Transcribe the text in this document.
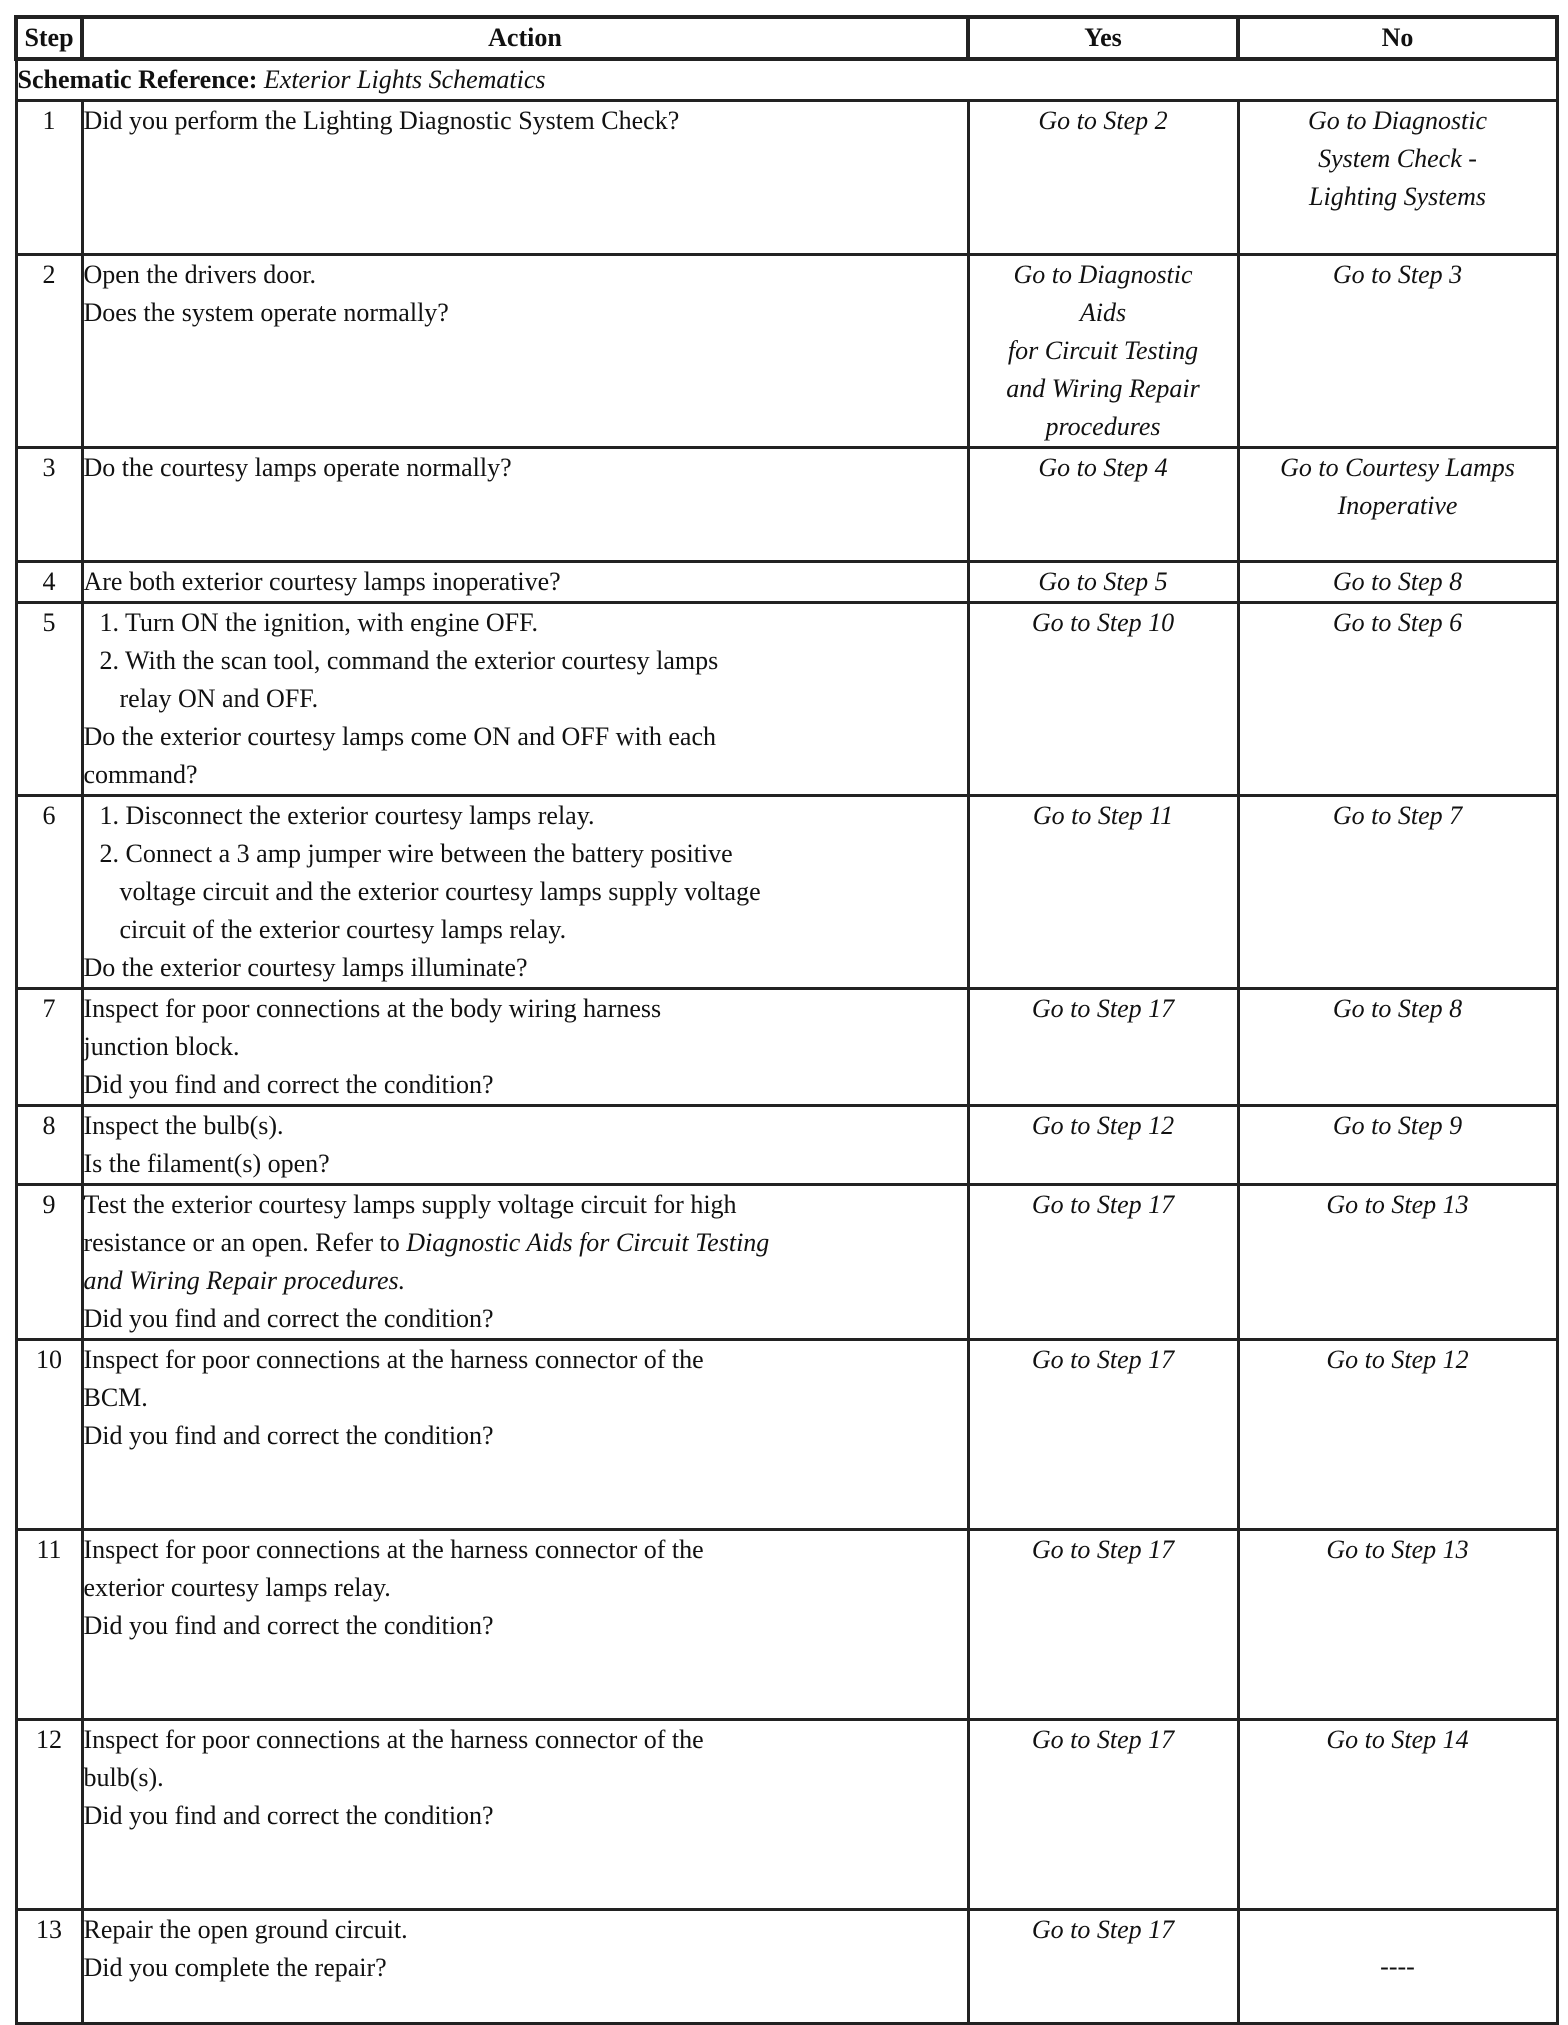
Step	Action	Yes	No
Schematic Reference: Exterior Lights Schematics			
1	Did you perform the Lighting Diagnostic System Check?	Go to Step 2	Go to Diagnostic
System Check -
Lighting Systems

2	Open the drivers door.
Does the system operate normally?	Go to Diagnostic
Aids
for Circuit Testing
and Wiring Repair
procedures	Go to Step 3

3	Do the courtesy lamps operate normally?	Go to Step 4	Go to Courtesy Lamps
Inoperative

4	Are both exterior courtesy lamps inoperative?	Go to Step 5	Go to Step 8

5	1. Turn ON the ignition, with engine OFF.
2. With the scan tool, command the exterior courtesy lamps
relay ON and OFF.
Do the exterior courtesy lamps come ON and OFF with each
command?	Go to Step 10	Go to Step 6

6	1. Disconnect the exterior courtesy lamps relay.
2. Connect a 3 amp jumper wire between the battery positive
voltage circuit and the exterior courtesy lamps supply voltage
circuit of the exterior courtesy lamps relay.
Do the exterior courtesy lamps illuminate?	Go to Step 11	Go to Step 7

7	Inspect for poor connections at the body wiring harness
junction block.
Did you find and correct the condition?	Go to Step 17	Go to Step 8

8	Inspect the bulb(s).
Is the filament(s) open?	Go to Step 12	Go to Step 9

9	Test the exterior courtesy lamps supply voltage circuit for high
resistance or an open. Refer to Diagnostic Aids for Circuit Testing
and Wiring Repair procedures.
Did you find and correct the condition?	Go to Step 17	Go to Step 13

10	Inspect for poor connections at the harness connector of the
BCM.
Did you find and correct the condition?	Go to Step 17	Go to Step 12

11	Inspect for poor connections at the harness connector of the
exterior courtesy lamps relay.
Did you find and correct the condition?	Go to Step 17	Go to Step 13

12	Inspect for poor connections at the harness connector of the
bulb(s).
Did you find and correct the condition?	Go to Step 17	Go to Step 14

13	Repair the open ground circuit.
Did you complete the repair?	Go to Step 17	----
